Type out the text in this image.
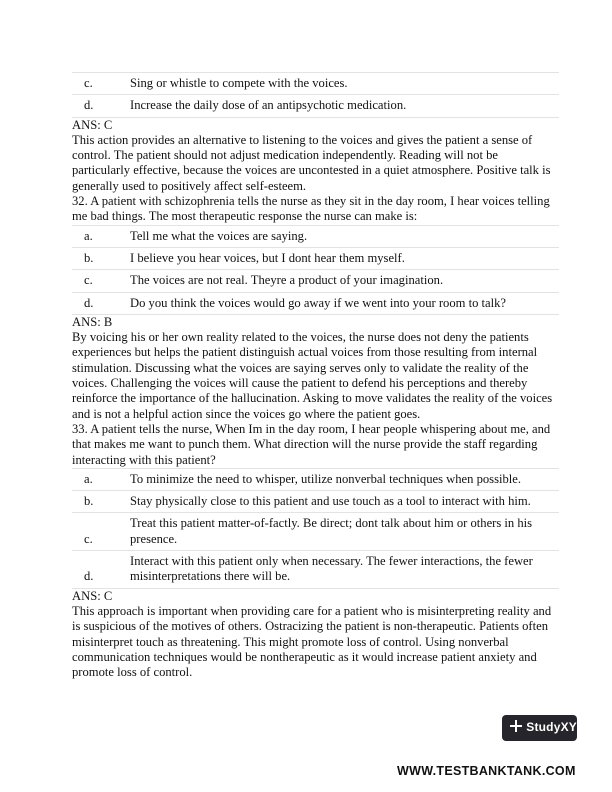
c.	Sing or whistle to compete with the voices.
d.	Increase the daily dose of an antipsychotic medication.

ANS: C

This action provides an alternative to listening to the voices and gives the patient a sense of control. The patient should not adjust medication independently. Reading will not be particularly effective, because the voices are uncontested in a quiet atmosphere. Positive talk is generally used to positively affect self-esteem.

32. A patient with schizophrenia tells the nurse as they sit in the day room, I hear voices telling me bad things. The most therapeutic response the nurse can make is:

a.	Tell me what the voices are saying.
b.	I believe you hear voices, but I dont hear them myself.
c.	The voices are not real. Theyre a product of your imagination.
d.	Do you think the voices would go away if we went into your room to talk?

ANS: B

By voicing his or her own reality related to the voices, the nurse does not deny the patients experiences but helps the patient distinguish actual voices from those resulting from internal stimulation. Discussing what the voices are saying serves only to validate the reality of the voices. Challenging the voices will cause the patient to defend his perceptions and thereby reinforce the importance of the hallucination. Asking to move validates the reality of the voices and is not a helpful action since the voices go where the patient goes.

33. A patient tells the nurse, When Im in the day room, I hear people whispering about me, and that makes me want to punch them. What direction will the nurse provide the staff regarding interacting with this patient?

a.	To minimize the need to whisper, utilize nonverbal techniques when possible.
b.	Stay physically close to this patient and use touch as a tool to interact with him.
c.	Treat this patient matter-of-factly. Be direct; dont talk about him or others in his presence.
d.	Interact with this patient only when necessary. The fewer interactions, the fewer misinterpretations there will be.

ANS: C

This approach is important when providing care for a patient who is misinterpreting reality and is suspicious of the motives of others. Ostracizing the patient is non-therapeutic. Patients often misinterpret touch as threatening. This might promote loss of control. Using nonverbal communication techniques would be nontherapeutic as it would increase patient anxiety and promote loss of control.

StudyXY
WWW.TESTBANKTANK.COM
